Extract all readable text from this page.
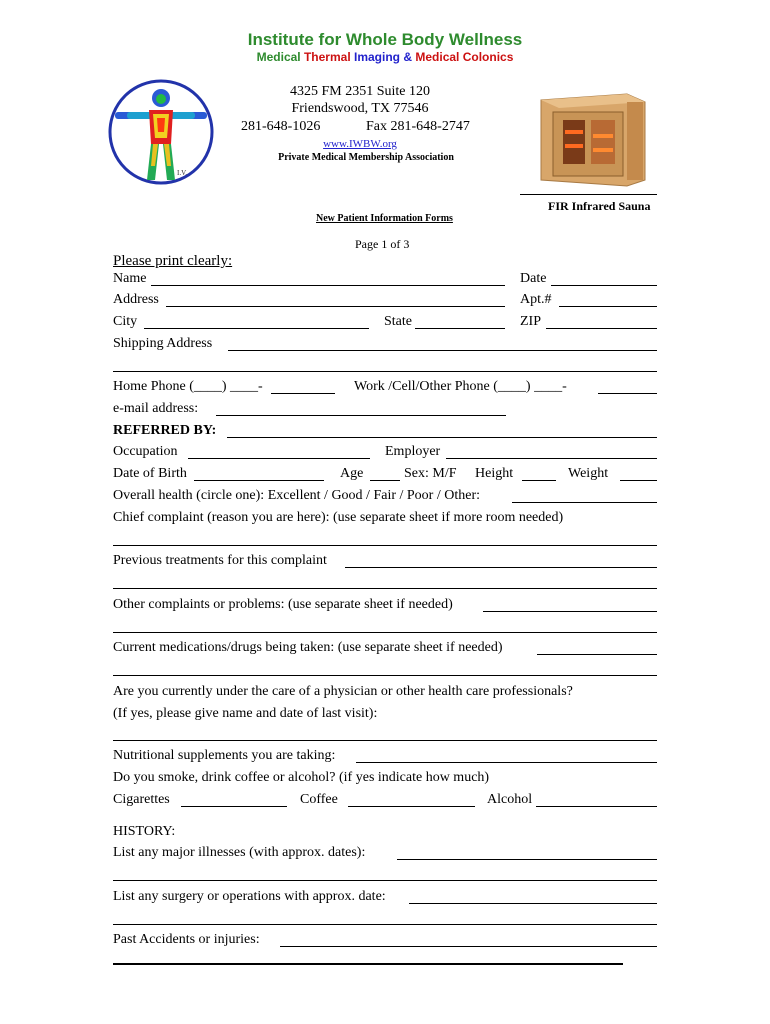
Institute for Whole Body Wellness
Medical Thermal Imaging & Medical Colonics
I.V.
4325 FM 2351 Suite 120
Friendswood, TX 77546
281-648-1026	Fax 281-648-2747
www.IWBW.org
Private Medical Membership Association
FIR Infrared Sauna
New Patient Information Forms
Page 1 of 3
Please print clearly:
Name	Date
Address	Apt.#
City	State	ZIP
Shipping Address
Home Phone (____) ____-	Work /Cell/Other Phone (____) ____-
e-mail address:
REFERRED BY:
Occupation	Employer
Date of Birth	Age	Sex: M/F Height	Weight
Overall health (circle one): Excellent / Good / Fair / Poor / Other:
Chief complaint (reason you are here): (use separate sheet if more room needed)
Previous treatments for this complaint
Other complaints or problems: (use separate sheet if needed)
Current medications/drugs being taken: (use separate sheet if needed)
Are you currently under the care of a physician or other health care professionals?
(If yes, please give name and date of last visit):
Nutritional supplements you are taking:
Do you smoke, drink coffee or alcohol? (if yes indicate how much)
Cigarettes	Coffee	Alcohol
HISTORY:
List any major illnesses (with approx. dates):
List any surgery or operations with approx. date:
Past Accidents or injuries:
